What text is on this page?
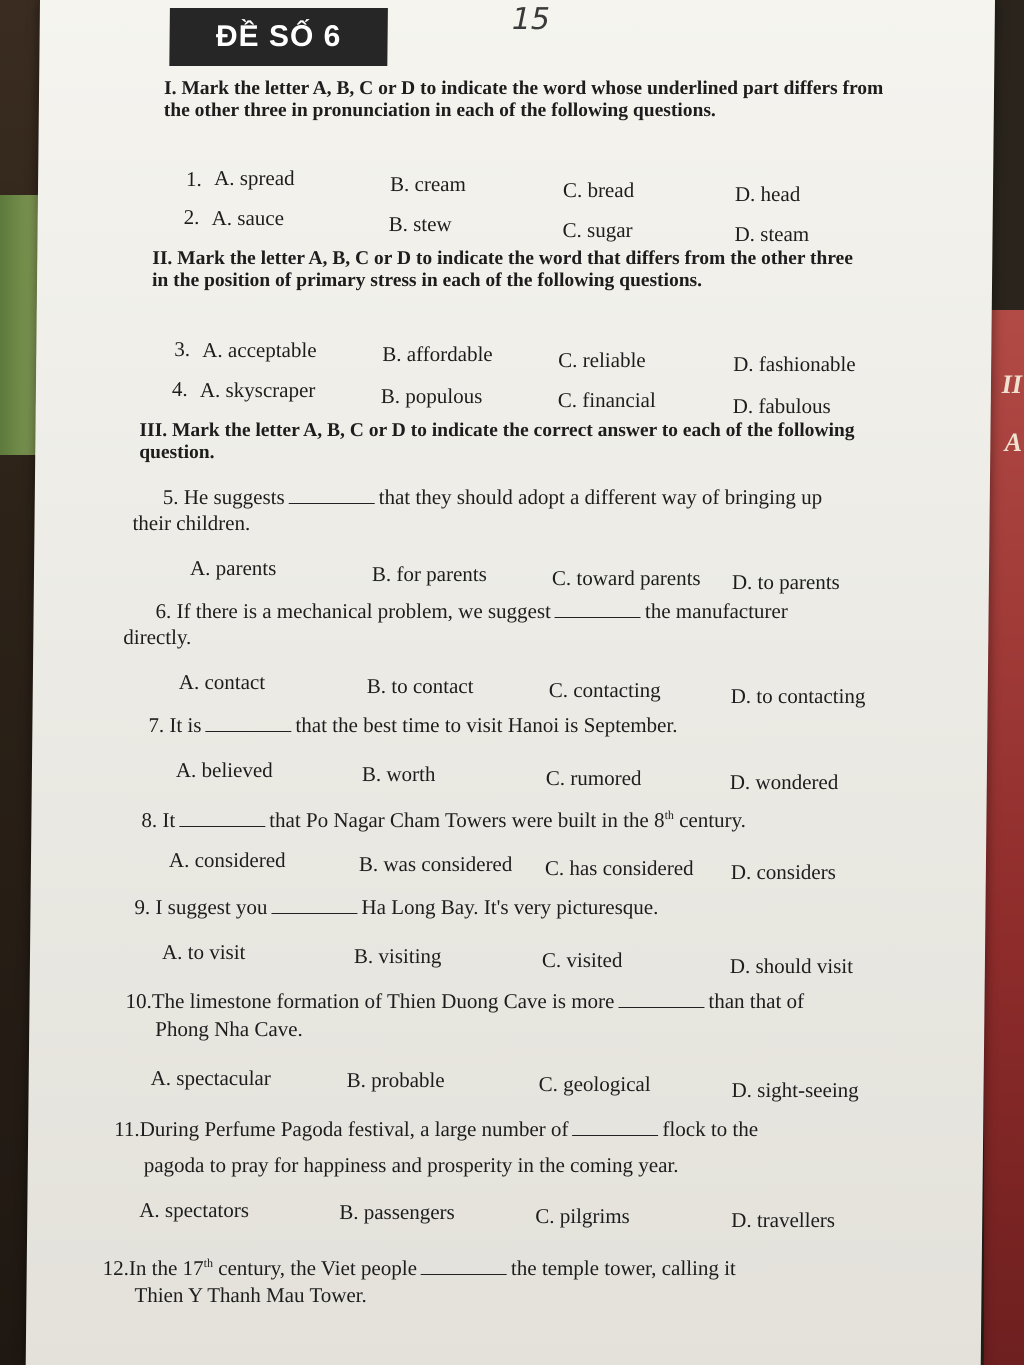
II
A
ĐỀ SỐ 6	15
I. Mark the letter A, B, C or D to indicate the word whose underlined part differs from the other three in pronunciation in each of the following questions.
1. A. spread	B. cream	C. bread	D. head
2. A. sauce	B. stew	C. sugar	D. steam
II. Mark the letter A, B, C or D to indicate the word that differs from the other three in the position of primary stress in each of the following questions.
3. A. acceptable	B. affordable	C. reliable	D. fashionable
4. A. skyscraper	B. populous	C. financial	D. fabulous
III. Mark the letter A, B, C or D to indicate the correct answer to each of the following question.
5. He suggests	that they should adopt a different way of bringing up
their children.
A. parents	B. for parents	C. toward parents D. to parents
6. If there is a mechanical problem, we suggest	the manufacturer
directly.
A. contact	B. to contact	C. contacting	D. to contacting
7. It is	that the best time to visit Hanoi is September.
A. believed	B. worth	C. rumored	D. wondered
8. It	that Po Nagar Cham Towers were built in the 8th century.
A. considered	B. was considered C. has considered D. considers
9. I suggest you	Ha Long Bay. It's very picturesque.
A. to visit	B. visiting	C. visited	D. should visit
10.The limestone formation of Thien Duong Cave is more	than that of
Phong Nha Cave.
A. spectacular	B. probable	C. geological	D. sight-seeing
11.During Perfume Pagoda festival, a large number of	flock to the
pagoda to pray for happiness and prosperity in the coming year.
A. spectators	B. passengers	C. pilgrims	D. travellers
12.In the 17th century, the Viet people	the temple tower, calling it
Thien Y Thanh Mau Tower.
